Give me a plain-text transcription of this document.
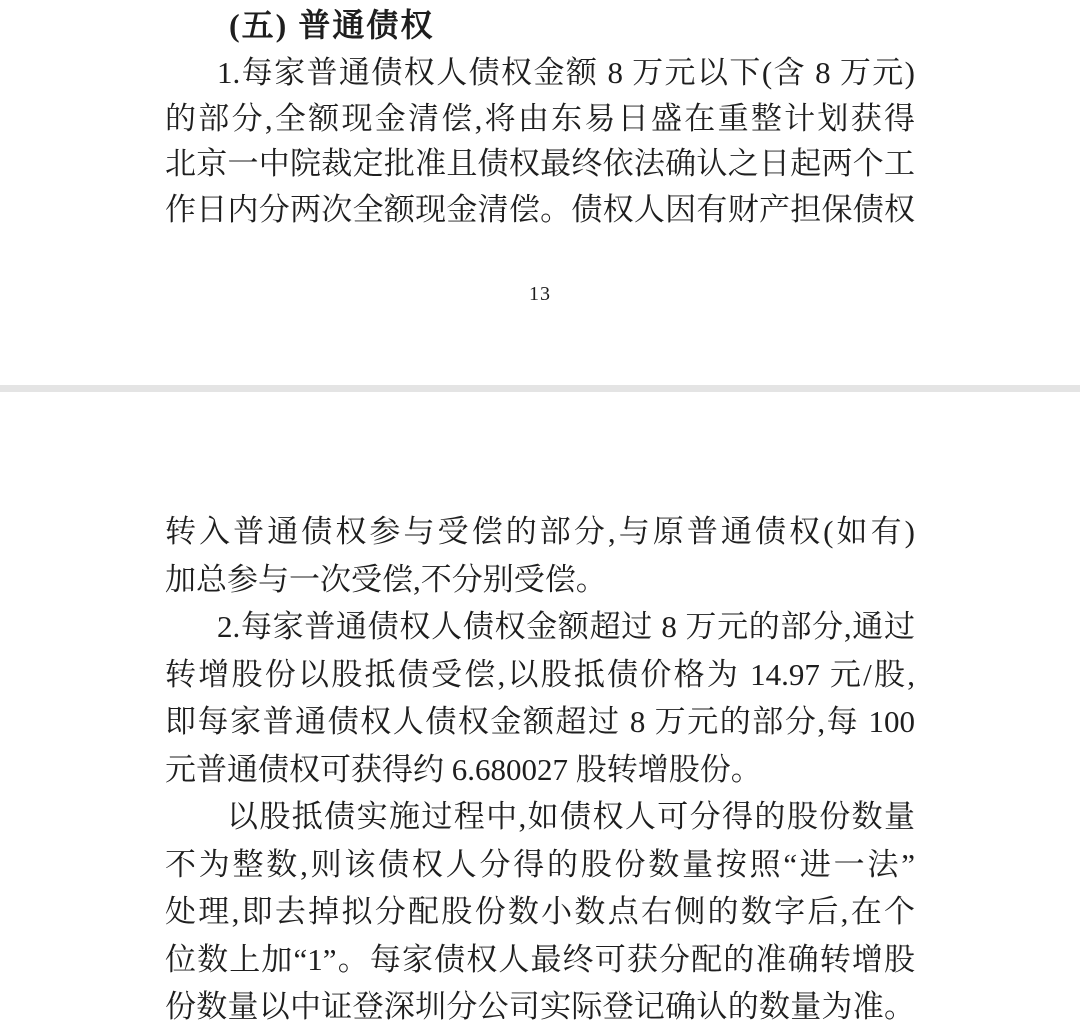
(五) 普通债权
1.每家普通债权人债权金额 8 万元以下(含 8 万元)
的部分,全额现金清偿,将由东易日盛在重整计划获得
北京一中院裁定批准且债权最终依法确认之日起两个工
作日内分两次全额现金清偿。债权人因有财产担保债权
13
转入普通债权参与受偿的部分,与原普通债权(如有)
加总参与一次受偿,不分别受偿。
2.每家普通债权人债权金额超过 8 万元的部分,通过
转增股份以股抵债受偿,以股抵债价格为 14.97 元/股,
即每家普通债权人债权金额超过 8 万元的部分,每 100
元普通债权可获得约 6.680027 股转增股份。
以股抵债实施过程中,如债权人可分得的股份数量
不为整数,则该债权人分得的股份数量按照“进一法”
处理,即去掉拟分配股份数小数点右侧的数字后,在个
位数上加“1”。每家债权人最终可获分配的准确转增股
份数量以中证登深圳分公司实际登记确认的数量为准。
